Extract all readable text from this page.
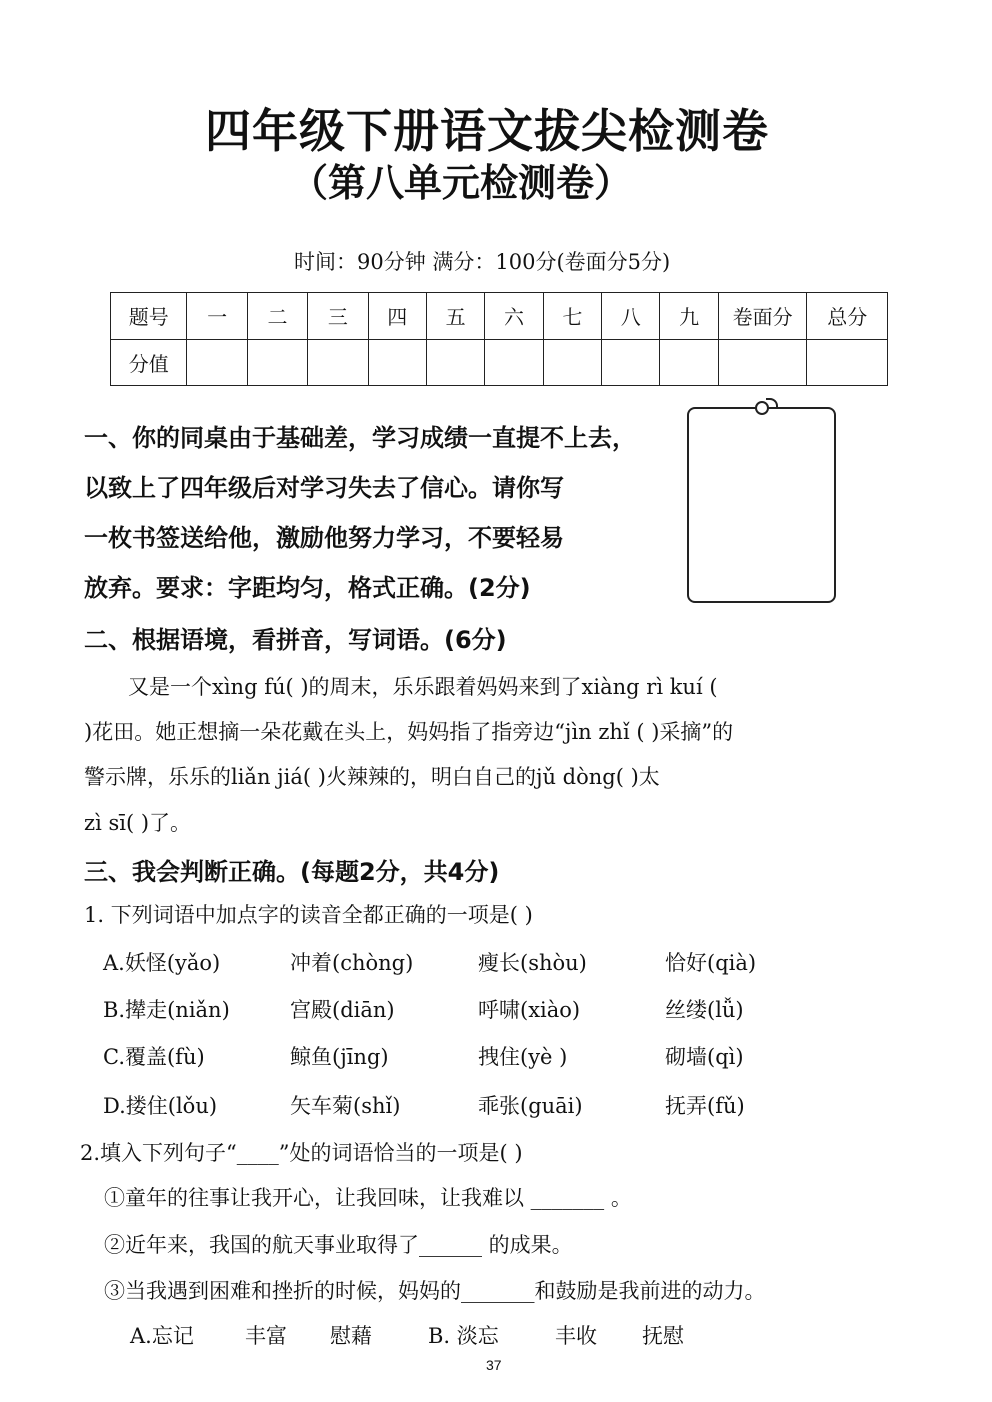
四年级下册语文拔尖检测卷
（第八单元检测卷）
时间：90分钟 满分：100分(卷面分5分)
题号	一	二	三	四	五	六	七	八	九	卷面分	总分
分值											
一、你的同桌由于基础差，学习成绩一直提不上去，
以致上了四年级后对学习失去了信心。请你写
一枚书签送给他，激励他努力学习，不要轻易
放弃。要求：字距均匀，格式正确。(2分)
二、根据语境，看拼音，写词语。(6分)
又是一个xìng fú( )的周末，乐乐跟着妈妈来到了xiàng rì kuí (
)花田。她正想摘一朵花戴在头上，妈妈指了指旁边“jìn zhǐ ( )采摘”的
警示牌，乐乐的liǎn jiá( )火辣辣的，明白自己的jǔ dòng( )太
zì sī( )了。
三、我会判断正确。(每题2分，共4分)
1. 下列词语中加点字的读音全都正确的一项是( )
A.妖怪(yǎo)	冲着(chòng)	瘦长(shòu)	恰好(qià)
B.撵走(niǎn)	宫殿(diān)	呼啸(xiào)	丝缕(lǚ)
C.覆盖(fù)	鲸鱼(jīng)	拽住(yè )	砌墙(qì)
D.搂住(lǒu)	矢车菊(shǐ)	乖张(guāi)	抚弄(fǔ)
2.填入下列句子“____”处的词语恰当的一项是( )
①童年的往事让我开心，让我回味，让我难以 _______ 。
②近年来，我国的航天事业取得了______ 的成果。
③当我遇到困难和挫折的时候，妈妈的_______和鼓励是我前进的动力。
A.忘记 丰富 慰藉	B. 淡忘	丰收 抚慰
37
